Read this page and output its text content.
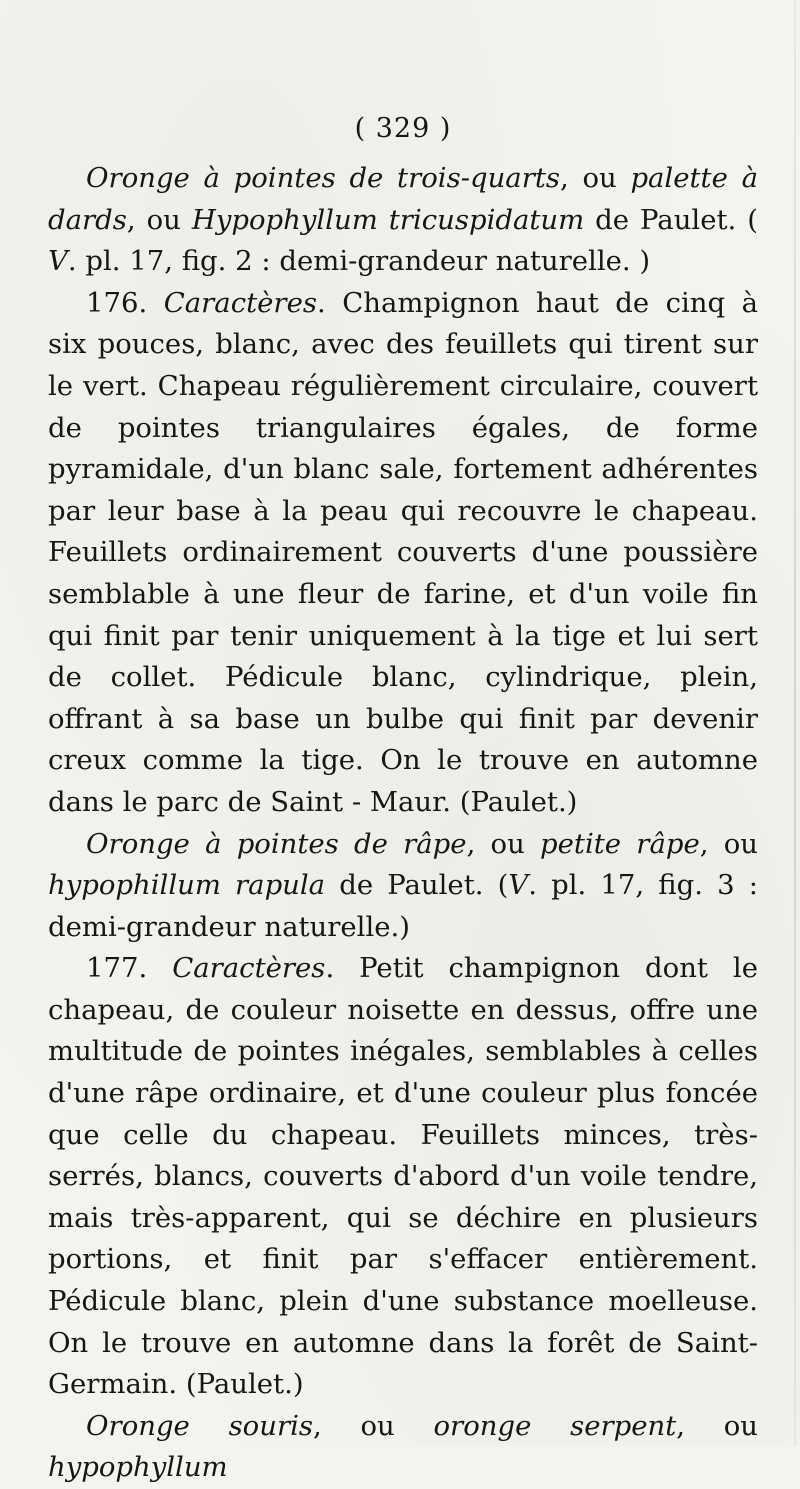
( 329 )

Oronge à pointes de trois-quarts, ou palette à dards, ou Hypophyllum tricuspidatum de Paulet. ( V. pl. 17, fig. 2 : demi-grandeur naturelle. )

176. Caractères. Champignon haut de cinq à six pouces, blanc, avec des feuillets qui tirent sur le vert. Chapeau régulièrement circulaire, couvert de pointes triangulaires égales, de forme pyramidale, d'un blanc sale, fortement adhérentes par leur base à la peau qui recouvre le chapeau. Feuillets ordinairement couverts d'une poussière semblable à une fleur de farine, et d'un voile fin qui finit par tenir uniquement à la tige et lui sert de collet. Pédicule blanc, cylindrique, plein, offrant à sa base un bulbe qui finit par devenir creux comme la tige. On le trouve en automne dans le parc de Saint - Maur. (Paulet.)

Oronge à pointes de râpe, ou petite râpe, ou hypophillum rapula de Paulet. (V. pl. 17, fig. 3 : demi-grandeur naturelle.)

177. Caractères. Petit champignon dont le chapeau, de couleur noisette en dessus, offre une multitude de pointes inégales, semblables à celles d'une râpe ordinaire, et d'une couleur plus foncée que celle du chapeau. Feuillets minces, très-serrés, blancs, couverts d'abord d'un voile tendre, mais très-apparent, qui se déchire en plusieurs portions, et finit par s'effacer entièrement. Pédicule blanc, plein d'une substance moelleuse. On le trouve en automne dans la forêt de Saint-Germain. (Paulet.)

Oronge souris, ou oronge serpent, ou hypophyllum
